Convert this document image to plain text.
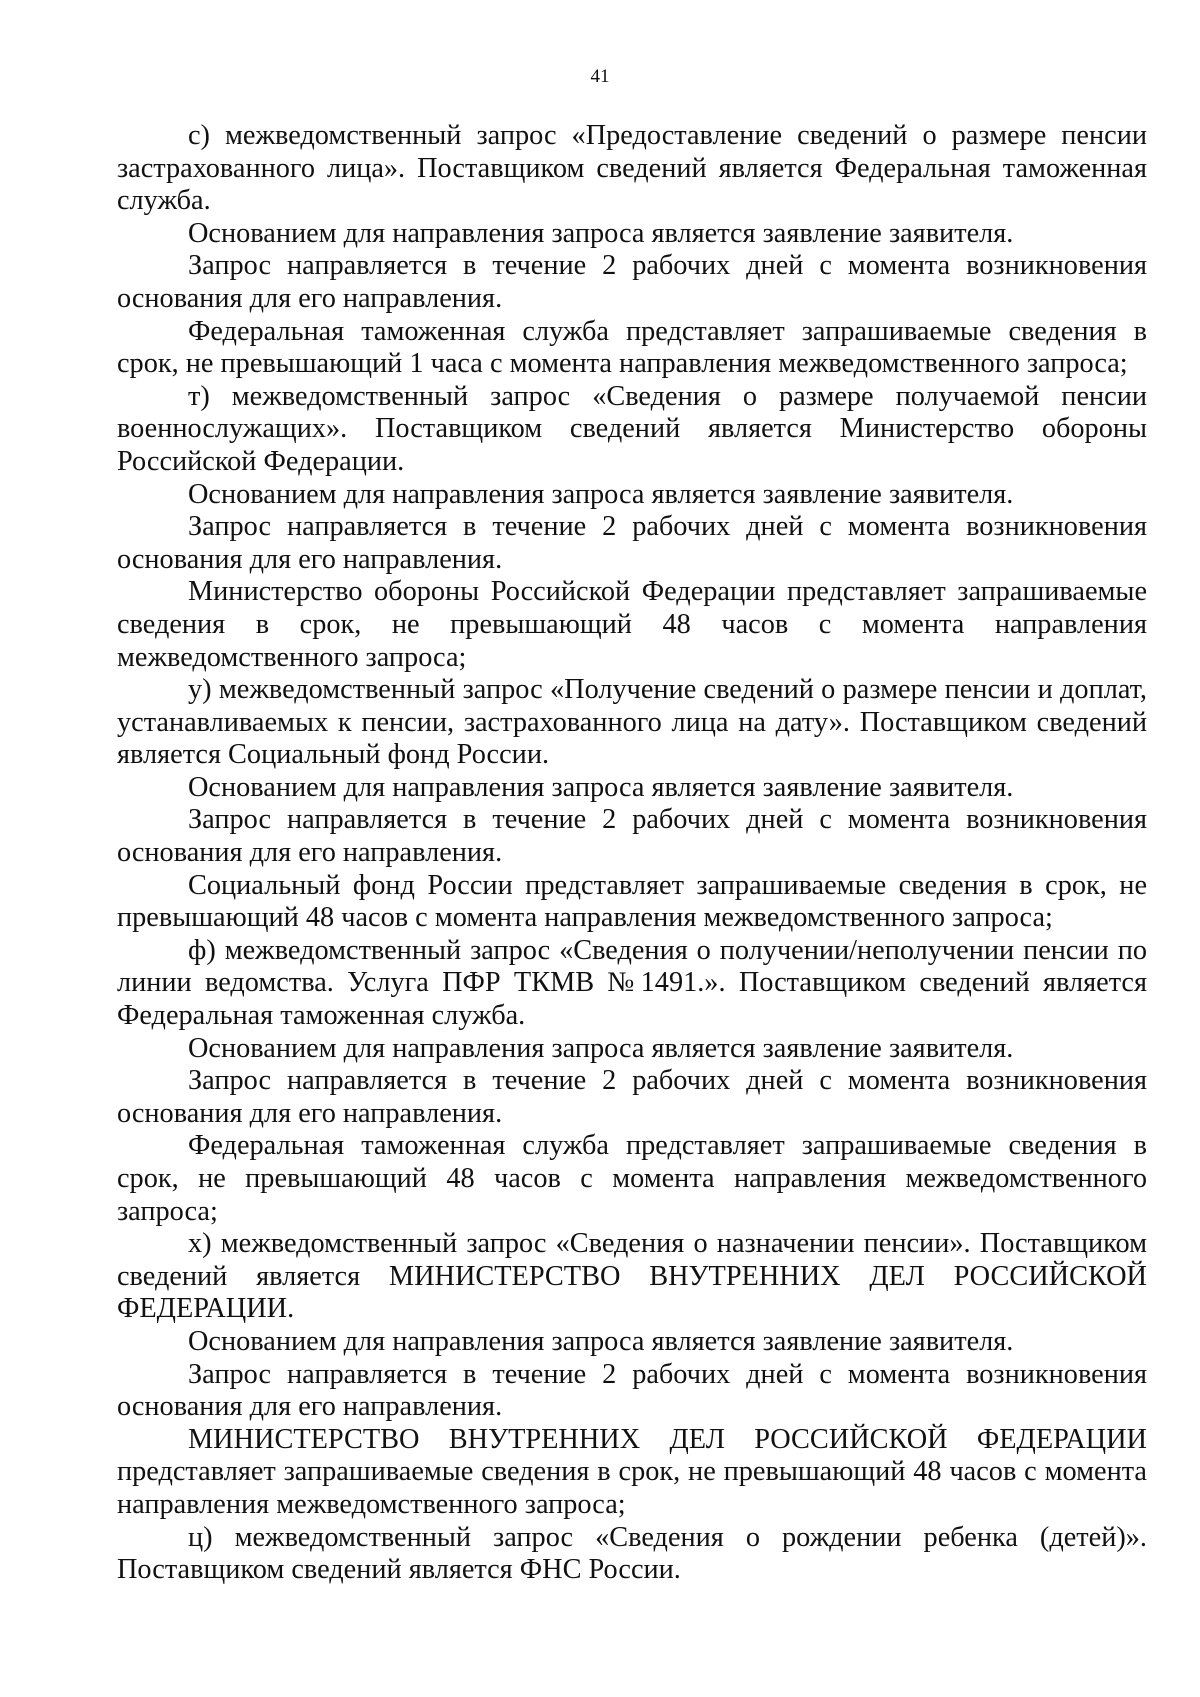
41

с) межведомственный запрос «Предоставление сведений о размере пенсии застрахованного лица». Поставщиком сведений является Федеральная таможенная служба.

Основанием для направления запроса является заявление заявителя.

Запрос направляется в течение 2 рабочих дней с момента возникновения основания для его направления.

Федеральная таможенная служба представляет запрашиваемые сведения в срок, не превышающий 1 часа с момента направления межведомственного запроса;

т) межведомственный запрос «Сведения о размере получаемой пенсии военнослужащих». Поставщиком сведений является Министерство обороны Российской Федерации.

Основанием для направления запроса является заявление заявителя.

Запрос направляется в течение 2 рабочих дней с момента возникновения основания для его направления.

Министерство обороны Российской Федерации представляет запрашиваемые сведения в срок, не превышающий 48 часов с момента направления межведомственного запроса;

у) межведомственный запрос «Получение сведений о размере пенсии и доплат, устанавливаемых к пенсии, застрахованного лица на дату». Поставщиком сведений является Социальный фонд России.

Основанием для направления запроса является заявление заявителя.

Запрос направляется в течение 2 рабочих дней с момента возникновения основания для его направления.

Социальный фонд России представляет запрашиваемые сведения в срок, не превышающий 48 часов с момента направления межведомственного запроса;

ф) межведомственный запрос «Сведения о получении/неполучении пенсии по линии ведомства. Услуга ПФР ТКМВ №1491.». Поставщиком сведений является Федеральная таможенная служба.

Основанием для направления запроса является заявление заявителя.

Запрос направляется в течение 2 рабочих дней с момента возникновения основания для его направления.

Федеральная таможенная служба представляет запрашиваемые сведения в срок, не превышающий 48 часов с момента направления межведомственного запроса;

х) межведомственный запрос «Сведения о назначении пенсии». Поставщиком сведений является МИНИСТЕРСТВО ВНУТРЕННИХ ДЕЛ РОССИЙСКОЙ ФЕДЕРАЦИИ.

Основанием для направления запроса является заявление заявителя.

Запрос направляется в течение 2 рабочих дней с момента возникновения основания для его направления.

МИНИСТЕРСТВО ВНУТРЕННИХ ДЕЛ РОССИЙСКОЙ ФЕДЕРАЦИИ представляет запрашиваемые сведения в срок, не превышающий 48 часов с момента направления межведомственного запроса;

ц) межведомственный запрос «Сведения о рождении ребенка (детей)». Поставщиком сведений является ФНС России.
